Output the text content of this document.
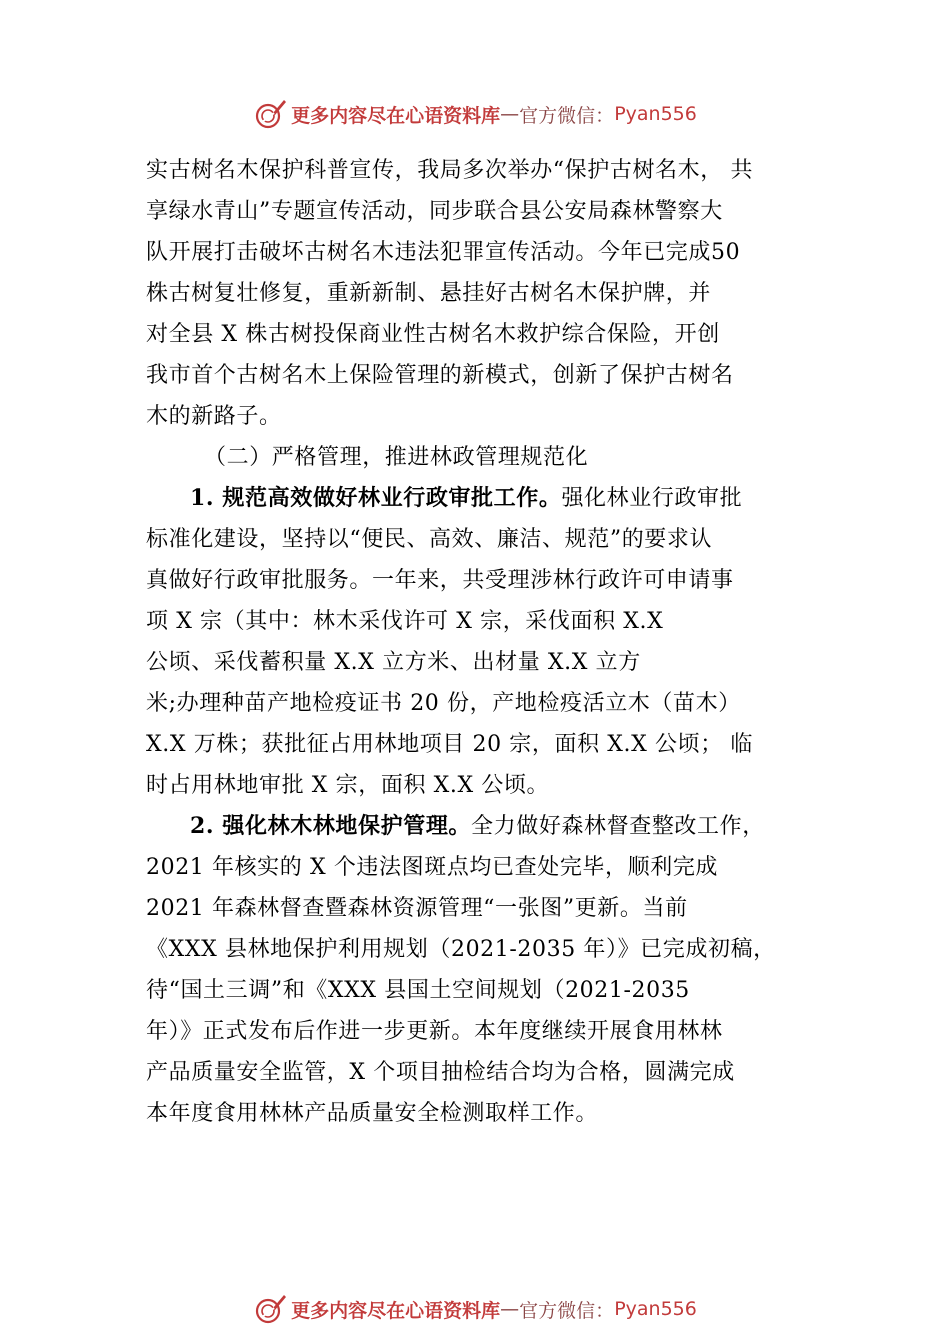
更多内容尽在心语资料库 — 官方微信： Pyan556
实古树名木保护科普宣传，我局多次举办“保护古树名木， 共
享绿水青山”专题宣传活动，同步联合县公安局森林警察大
队开展打击破坏古树名木违法犯罪宣传活动。今年已完成50
株古树复壮修复，重新新制、悬挂好古树名木保护牌，并
对全县 X 株古树投保商业性古树名木救护综合保险，开创
我市首个古树名木上保险管理的新模式，创新了保护古树名
木的新路子。
（二）严格管理，推进林政管理规范化
1. 规范高效做好林业行政审批工作。强化林业行政审批
标准化建设，坚持以“便民、高效、廉洁、规范”的要求认
真做好行政审批服务。一年来，共受理涉林行政许可申请事
项 X 宗（其中：林木采伐许可 X 宗，采伐面积 X.X
公顷、采伐蓄积量 X.X 立方米、出材量 X.X 立方
米;办理种苗产地检疫证书 20 份，产地检疫活立木（苗木）
X.X 万株；获批征占用林地项目 20 宗，面积 X.X 公顷； 临
时占用林地审批 X 宗，面积 X.X 公顷。
2. 强化林木林地保护管理。全力做好森林督查整改工作，
2021 年核实的 X 个违法图斑点均已查处完毕，顺利完成
2021 年森林督查暨森林资源管理“一张图”更新。当前
《XXX 县林地保护利用规划（2021-2035 年）》已完成初稿，
待“国土三调”和《XXX 县国土空间规划（2021-2035
年）》正式发布后作进一步更新。本年度继续开展食用林林
产品质量安全监管，X 个项目抽检结合均为合格，圆满完成
本年度食用林林产品质量安全检测取样工作。
更多内容尽在心语资料库 — 官方微信： Pyan556
